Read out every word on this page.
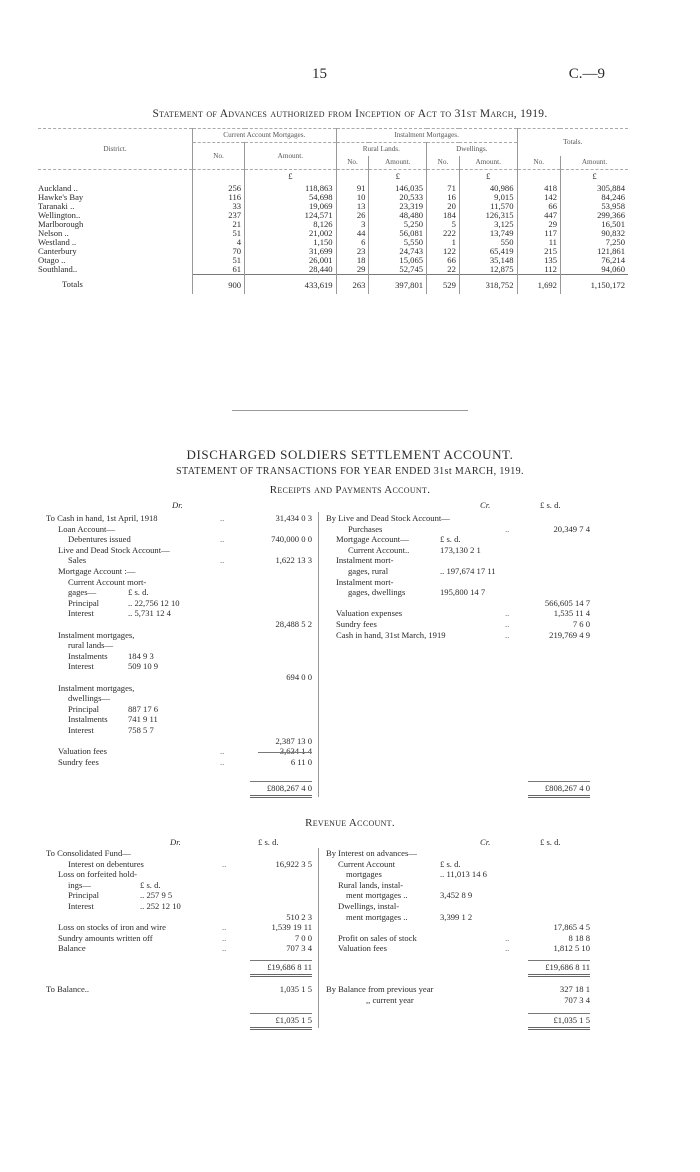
15	C.—9
Statement of Advances authorized from Inception of Act to 31st March, 1919.
District.	Current Account Mortgages.		Instalment Mortgages.				Totals.	
	No.	Amount.	Rural Lands.		Dwellings.			
			No.	Amount.	No.	Amount.	No.	Amount.
		£		£		£		£
Auckland ..	256	118,863	91	146,035	71	40,986	418	305,884
Hawke's Bay	116	54,698	10	20,533	16	9,015	142	84,246
Taranaki ..	33	19,069	13	23,319	20	11,570	66	53,958
Wellington..	237	124,571	26	48,480	184	126,315	447	299,366
Marlborough	21	8,126	3	5,250	5	3,125	29	16,501
Nelson ..	51	21,002	44	56,081	222	13,749	117	90,832
Westland ..	4	1,150	6	5,550	1	550	11	7,250
Canterbury	70	31,699	23	24,743	122	65,419	215	121,861
Otago ..	51	26,001	18	15,065	66	35,148	135	76,214
Southland..	61	28,440	29	52,745	22	12,875	112	94,060
Totals	900	433,619	263	397,801	529	318,752	1,692	1,150,172
DISCHARGED SOLDIERS SETTLEMENT ACCOUNT.
STATEMENT OF TRANSACTIONS FOR YEAR ENDED 31st MARCH, 1919.
Receipts and Payments Account.
Dr.	Cr.	£ s. d.
To Cash in hand, 1st April, 1918	..	31,434 0 3
Loan Account—
Debentures issued	..	740,000 0 0
Live and Dead Stock Account—
Sales	..	1,622 13 3
Mortgage Account :—
Current Account mort-
gages—	£ s. d.
Principal	.. 22,756 12 10
Interest	.. 5,731 12 4
28,488 5 2
Instalment mortgages,
rural lands—
Instalments 184 9 3
Interest	509 10 9
694 0 0
Instalment mortgages,
dwellings—
Principal	887 17 6
Instalments 741 9 11
Interest	758 5 7
2,387 13 0
Valuation fees	..	3,634 1 4
Sundry fees	..	6 11 0
£808,267 4 0
By Live and Dead Stock Account—
Purchases	..	20,349 7 4
Mortgage Account—	£ s. d.
Current Account..	173,130 2 1
Instalment mort-
gages, rural	.. 197,674 17 11
Instalment mort-
gages, dwellings	195,800 14 7
566,605 14 7
Valuation expenses	..	1,535 11 4
Sundry fees	..	7 6 0
Cash in hand, 31st March, 1919	..	219,769 4 9
£808,267 4 0
Dr.	£ s. d.	Cr.	£ s. d.
To Consolidated Fund—
Interest on debentures	..	16,922 3 5
Loss on forfeited hold-
ings—	£ s. d.
Principal	.. 257 9 5
Interest	.. 252 12 10
510 2 3
Loss on stocks of iron and wire	..	1,539 19 11
Sundry amounts written off	..	7 0 0
Balance	..	707 3 4
£19,686 8 11
By Interest on advances—
Current Account	£ s. d.
mortgages	.. 11,013 14 6
Rural lands, instal-
ment mortgages ..	3,452 8 9
Dwellings, instal-
ment mortgages ..	3,399 1 2
17,865 4 5
Profit on sales of stock	..	8 18 8
Valuation fees	..	1,812 5 10
£19,686 8 11
To Balance..	1,035 1 5 By Balance from previous year	327 18 1
,, current year	707 3 4
£1,035 1 5	£1,035 1 5
Revenue Account.
